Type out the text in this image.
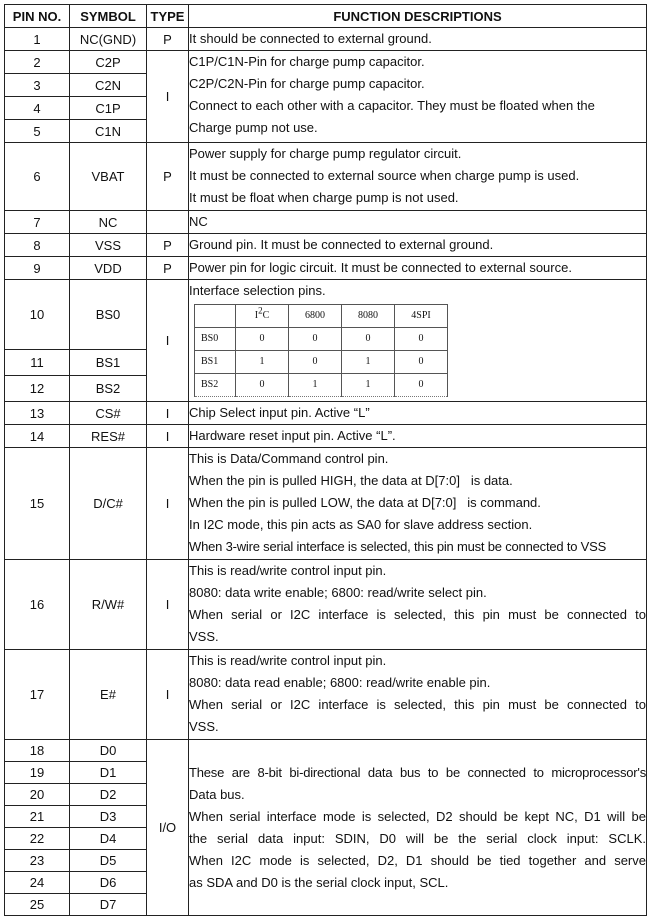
PIN NO.	SYMBOL	TYPE	FUNCTION DESCRIPTIONS
1	NC(GND)	P	It should be connected to external ground.

2	C2P	I	
C1P/C1N-Pin for charge pump capacitor.
C2P/C2N-Pin for charge pump capacitor.
Connect to each other with a capacitor. They must be floated when the
Charge pump not use.

3	C2N
4	C1P
5	C1N
6	VBAT	P	
Power supply for charge pump regulator circuit.
It must be connected to external source when charge pump is used.
It must be float when charge pump is not used.

7	NC		NC

8	VSS	P	Ground pin. It must be connected to external ground.

9	VDD	P	Power pin for logic circuit. It must be connected to external source.

10	BS0	I	
Interface selection pins.
	I2C	6800	8080	4SPI
BS0	0	0	0	0
BS1	1	0	1	0
BS2	0	1	1	0

11	BS1
12	BS2
13	CS#	I	Chip Select input pin. Active “L”

14	RES#	I	Hardware reset input pin. Active “L”.

15	D/C#	I	
This is Data/Command control pin.
When the pin is pulled HIGH, the data at D[7:0]   is data.
When the pin is pulled LOW, the data at D[7:0]   is command.
In I2C mode, this pin acts as SA0 for slave address section.
When 3-wire serial interface is selected, this pin must be connected to VSS

16	R/W#	I	
This is read/write control input pin.
8080: data write enable; 6800: read/write select pin.
When serial or I2C interface is selected, this pin must be connected to
VSS.

17	E#	I	
This is read/write control input pin.
8080: data read enable; 6800: read/write enable pin.
When serial or I2C interface is selected, this pin must be connected to
VSS.

18	D0	I/O	
These are 8-bit bi-directional data bus to be connected to microprocessor's
Data bus.
When serial interface mode is selected, D2 should be kept NC, D1 will be
the serial data input: SDIN, D0 will be the serial clock input: SCLK.
When I2C mode is selected, D2, D1 should be tied together and serve
as SDA and D0 is the serial clock input, SCL.

19	D1
20	D2
21	D3
22	D4
23	D5
24	D6
25	D7
